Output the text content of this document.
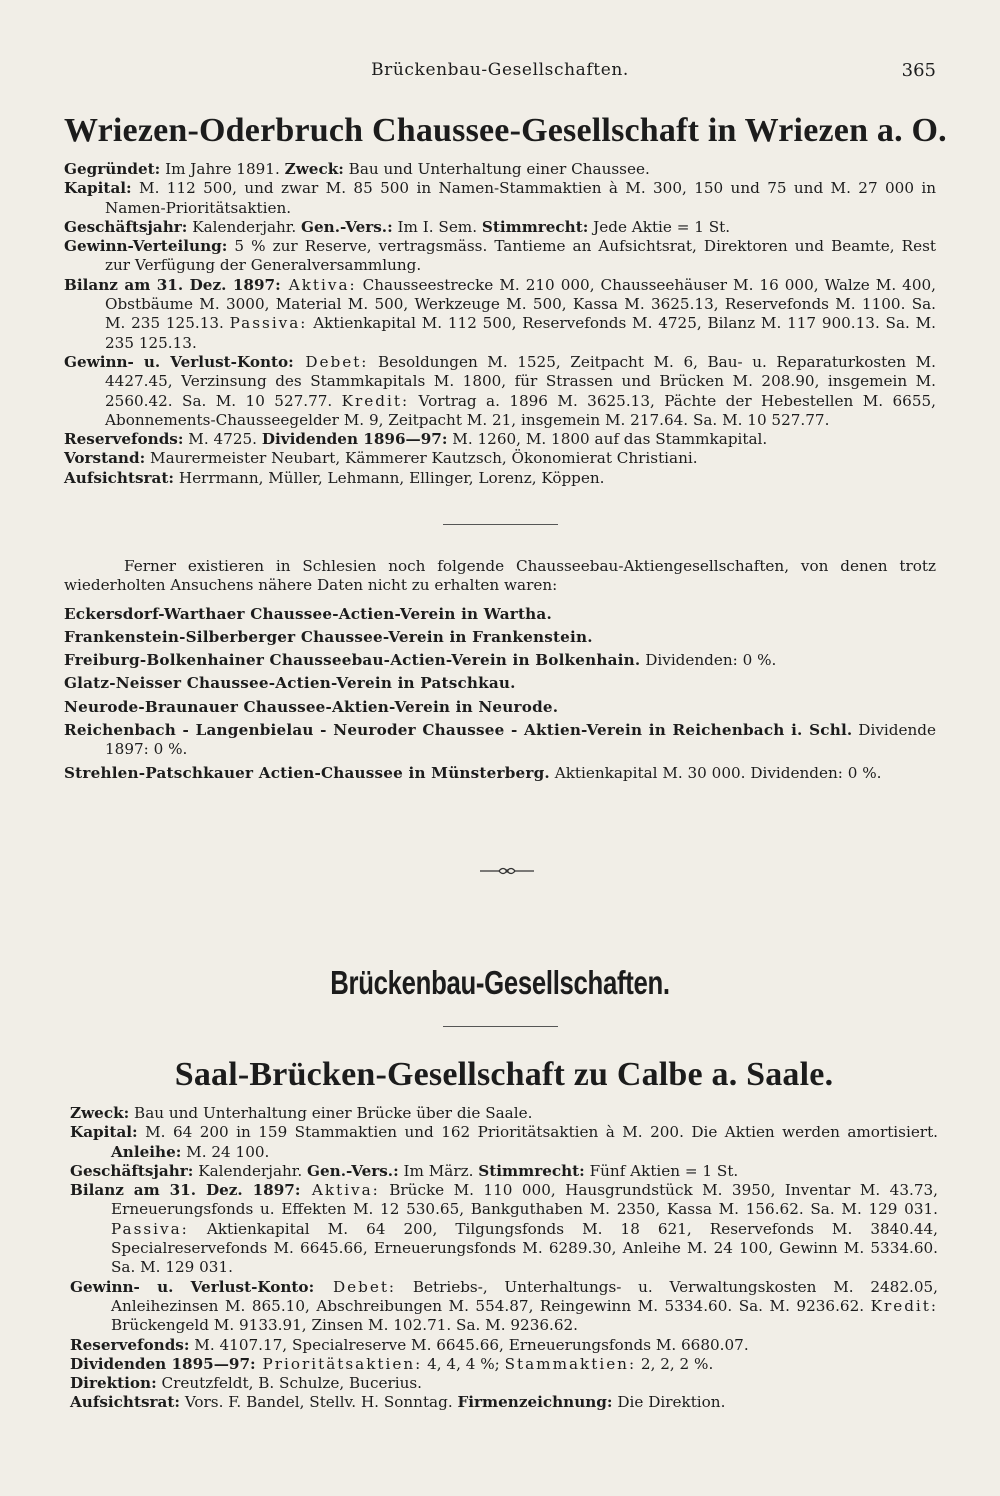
Brückenbau-Gesellschaften.	365
Wriezen-Oderbruch Chaussee-Gesellschaft in Wriezen a. O.

Gegründet: Im Jahre 1891. Zweck: Bau und Unterhaltung einer Chaussee.

Kapital: M. 112 500, und zwar M. 85 500 in Namen-Stammaktien à M. 300, 150 und 75 und M. 27 000 in Namen-Prioritätsaktien.

Geschäftsjahr: Kalenderjahr. Gen.-Vers.: Im I. Sem. Stimmrecht: Jede Aktie = 1 St.

Gewinn-Verteilung: 5 % zur Reserve, vertragsmäss. Tantieme an Aufsichtsrat, Direktoren und Beamte, Rest zur Verfügung der Generalversammlung.

Bilanz am 31. Dez. 1897: Aktiva: Chausseestrecke M. 210 000, Chausseehäuser M. 16 000, Walze M. 400, Obstbäume M. 3000, Material M. 500, Werkzeuge M. 500, Kassa M. 3625.13, Reservefonds M. 1100. Sa. M. 235 125.13. Passiva: Aktienkapital M. 112 500, Reservefonds M. 4725, Bilanz M. 117 900.13. Sa. M. 235 125.13.

Gewinn- u. Verlust-Konto: Debet: Besoldungen M. 1525, Zeitpacht M. 6, Bau- u. Reparaturkosten M. 4427.45, Verzinsung des Stammkapitals M. 1800, für Strassen und Brücken M. 208.90, insgemein M. 2560.42. Sa. M. 10 527.77. Kredit: Vortrag a. 1896 M. 3625.13, Pächte der Hebestellen M. 6655, Abonnements-Chausseegelder M. 9, Zeitpacht M. 21, insgemein M. 217.64. Sa. M. 10 527.77.

Reservefonds: M. 4725. Dividenden 1896—97: M. 1260, M. 1800 auf das Stammkapital.

Vorstand: Maurermeister Neubart, Kämmerer Kautzsch, Ökonomierat Christiani.

Aufsichtsrat: Herrmann, Müller, Lehmann, Ellinger, Lorenz, Köppen.

Ferner existieren in Schlesien noch folgende Chausseebau-Aktiengesellschaften, von denen trotz wiederholten Ansuchens nähere Daten nicht zu erhalten waren:

Eckersdorf-Warthaer Chaussee-Actien-Verein in Wartha.

Frankenstein-Silberberger Chaussee-Verein in Frankenstein.

Freiburg-Bolkenhainer Chausseebau-Actien-Verein in Bolkenhain. Dividenden: 0 %.

Glatz-Neisser Chaussee-Actien-Verein in Patschkau.

Neurode-Braunauer Chaussee-Aktien-Verein in Neurode.

Reichenbach - Langenbielau - Neuroder Chaussee - Aktien-Verein in Reichenbach i. Schl. Dividende 1897: 0 %.

Strehlen-Patschkauer Actien-Chaussee in Münsterberg. Aktienkapital M. 30 000. Dividenden: 0 %.

Brückenbau-Gesellschaften.
Saal-Brücken-Gesellschaft zu Calbe a. Saale.

Zweck: Bau und Unterhaltung einer Brücke über die Saale.

Kapital: M. 64 200 in 159 Stammaktien und 162 Prioritätsaktien à M. 200. Die Aktien werden amortisiert. Anleihe: M. 24 100.

Geschäftsjahr: Kalenderjahr. Gen.-Vers.: Im März. Stimmrecht: Fünf Aktien = 1 St.

Bilanz am 31. Dez. 1897: Aktiva: Brücke M. 110 000, Hausgrundstück M. 3950, Inventar M. 43.73, Erneuerungsfonds u. Effekten M. 12 530.65, Bankguthaben M. 2350, Kassa M. 156.62. Sa. M. 129 031. Passiva: Aktienkapital M. 64 200, Tilgungsfonds M. 18 621, Reservefonds M. 3840.44, Specialreservefonds M. 6645.66, Erneuerungsfonds M. 6289.30, Anleihe M. 24 100, Gewinn M. 5334.60. Sa. M. 129 031.

Gewinn- u. Verlust-Konto: Debet: Betriebs-, Unterhaltungs- u. Verwaltungskosten M. 2482.05, Anleihezinsen M. 865.10, Abschreibungen M. 554.87, Reingewinn M. 5334.60. Sa. M. 9236.62. Kredit: Brückengeld M. 9133.91, Zinsen M. 102.71. Sa. M. 9236.62.

Reservefonds: M. 4107.17, Specialreserve M. 6645.66, Erneuerungsfonds M. 6680.07.

Dividenden 1895—97: Prioritätsaktien: 4, 4, 4 %; Stammaktien: 2, 2, 2 %.

Direktion: Creutzfeldt, B. Schulze, Bucerius.

Aufsichtsrat: Vors. F. Bandel, Stellv. H. Sonntag. Firmenzeichnung: Die Direktion.
